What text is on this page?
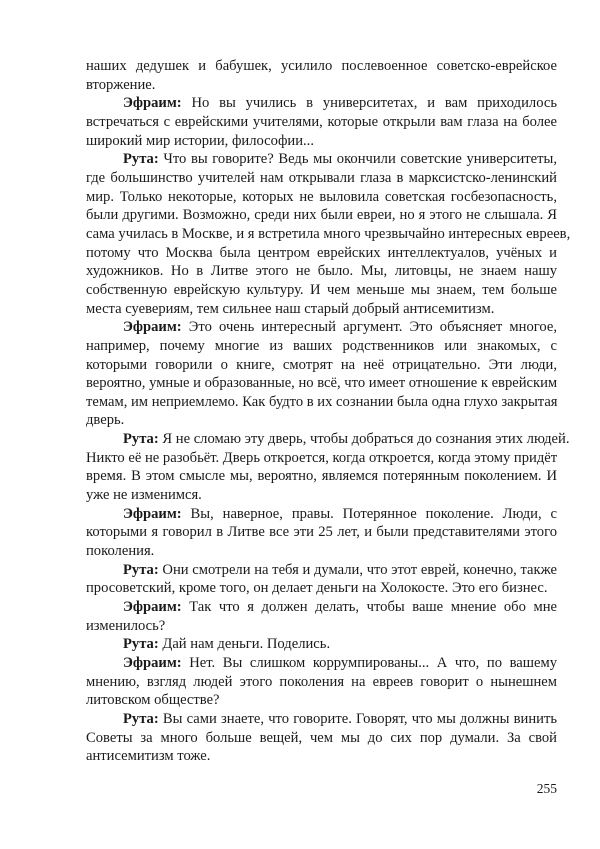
наших дедушек и бабушек, усилило послевоенное советско-еврейское
вторжение.
Эфраим: Но вы учились в университетах, и вам приходилось
встречаться с еврейскими учителями, которые открыли вам глаза на более
широкий мир истории, философии...
Рута: Что вы говорите? Ведь мы окончили советские университеты,
где большинство учителей нам открывали глаза в марксистско-ленинский
мир. Только некоторые, которых не выловила советская госбезопасность,
были другими. Возможно, среди них были евреи, но я этого не слышала. Я
сама училась в Москве, и я встретила много чрезвычайно интересных евреев,
потому что Москва была центром еврейских интеллектуалов, учёных и
художников. Но в Литве этого не было. Мы, литовцы, не знаем нашу
собственную еврейскую культуру. И чем меньше мы знаем, тем больше
места суевериям, тем сильнее наш старый добрый антисемитизм.
Эфраим: Это очень интересный аргумент. Это объясняет многое,
например, почему многие из ваших родственников или знакомых, с
которыми говорили о книге, смотрят на неё отрицательно. Эти люди,
вероятно, умные и образованные, но всё, что имеет отношение к еврейским
темам, им неприемлемо. Как будто в их сознании была одна глухо закрытая
дверь.
Рута: Я не сломаю эту дверь, чтобы добраться до сознания этих людей.
Никто её не разобьёт. Дверь откроется, когда откроется, когда этому придёт
время. В этом смысле мы, вероятно, являемся потерянным поколением. И
уже не изменимся.
Эфраим: Вы, наверное, правы. Потерянное поколение. Люди, с
которыми я говорил в Литве все эти 25 лет, и были представителями этого
поколения.
Рута: Они смотрели на тебя и думали, что этот еврей, конечно, также
просоветский, кроме того, он делает деньги на Холокосте. Это его бизнес.
Эфраим: Так что я должен делать, чтобы ваше мнение обо мне
изменилось?
Рута: Дай нам деньги. Поделись.
Эфраим: Нет. Вы слишком коррумпированы... А что, по вашему
мнению, взгляд людей этого поколения на евреев говорит о нынешнем
литовском обществе?
Рута: Вы сами знаете, что говорите. Говорят, что мы должны винить
Советы за много больше вещей, чем мы до сих пор думали. За свой
антисемитизм тоже.
255
